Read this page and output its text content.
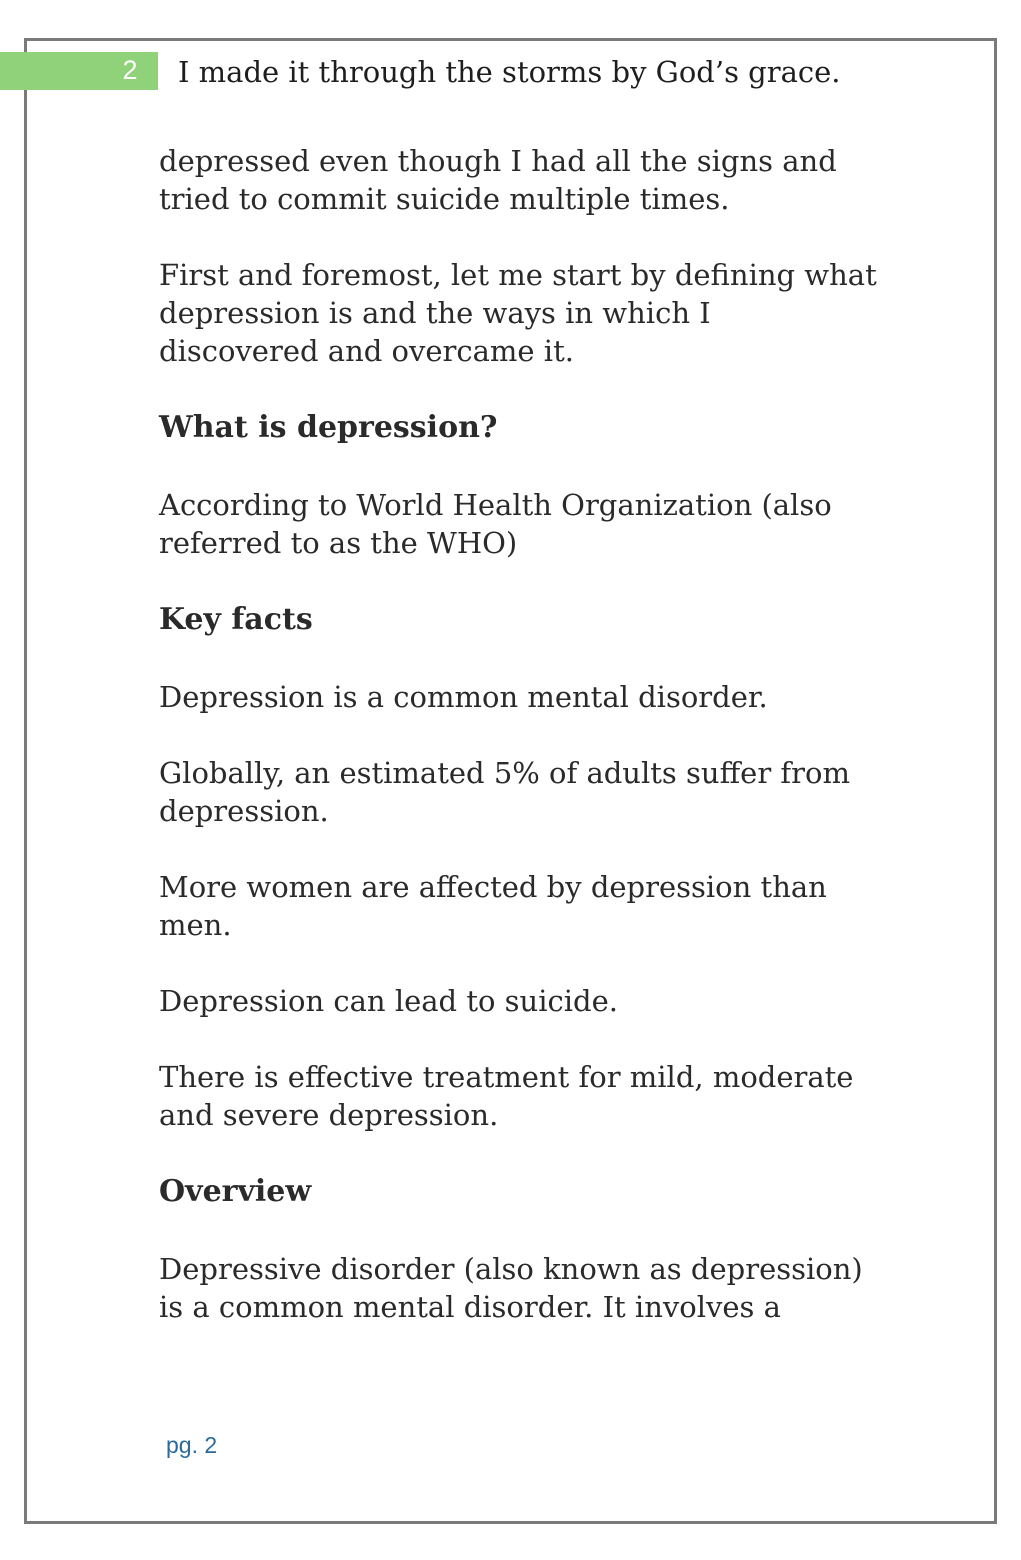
2	I made it through the storms by God’s grace.

depressed even though I had all the signs and tried to commit suicide multiple times.

First and foremost, let me start by defining what depression is and the ways in which I discovered and overcame it.

What is depression?

According to World Health Organization (also referred to as the WHO)

Key facts

Depression is a common mental disorder.

Globally, an estimated 5% of adults suffer from depression.

More women are affected by depression than men.

Depression can lead to suicide.

There is effective treatment for mild, moderate and severe depression.

Overview

Depressive disorder (also known as depression) is a common mental disorder. It involves a

pg. 2
